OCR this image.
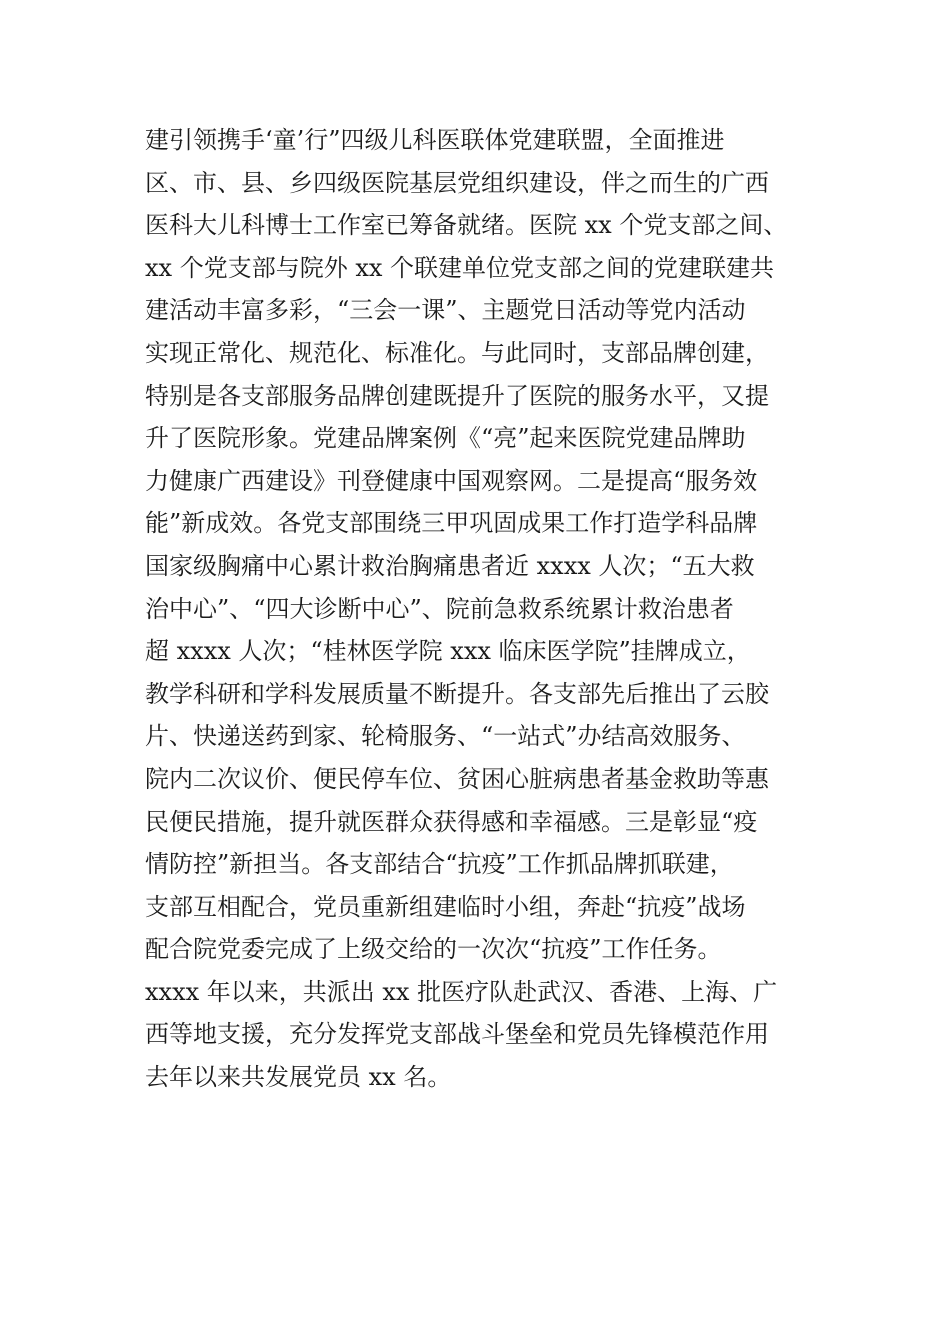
建引领携手‘童’行”四级儿科医联体党建联盟，全面推进
区、市、县、乡四级医院基层党组织建设，伴之而生的广西
医科大儿科博士工作室已筹备就绪。医院 xx 个党支部之间、
xx 个党支部与院外 xx 个联建单位党支部之间的党建联建共
建活动丰富多彩，“三会一课”、主题党日活动等党内活动
实现正常化、规范化、标准化。与此同时，支部品牌创建，
特别是各支部服务品牌创建既提升了医院的服务水平，又提
升了医院形象。党建品牌案例《“亮”起来医院党建品牌助
力健康广西建设》刊登健康中国观察网。二是提高“服务效
能”新成效。各党支部围绕三甲巩固成果工作打造学科品牌
国家级胸痛中心累计救治胸痛患者近 xxxx 人次；“五大救
治中心”、“四大诊断中心”、院前急救系统累计救治患者
超 xxxx 人次；“桂林医学院 xxx 临床医学院”挂牌成立，
教学科研和学科发展质量不断提升。各支部先后推出了云胶
片、快递送药到家、轮椅服务、“一站式”办结高效服务、
院内二次议价、便民停车位、贫困心脏病患者基金救助等惠
民便民措施，提升就医群众获得感和幸福感。三是彰显“疫
情防控”新担当。各支部结合“抗疫”工作抓品牌抓联建，
支部互相配合，党员重新组建临时小组，奔赴“抗疫”战场
配合院党委完成了上级交给的一次次“抗疫”工作任务。
xxxx 年以来，共派出 xx 批医疗队赴武汉、香港、上海、广
西等地支援，充分发挥党支部战斗堡垒和党员先锋模范作用
去年以来共发展党员 xx 名。
